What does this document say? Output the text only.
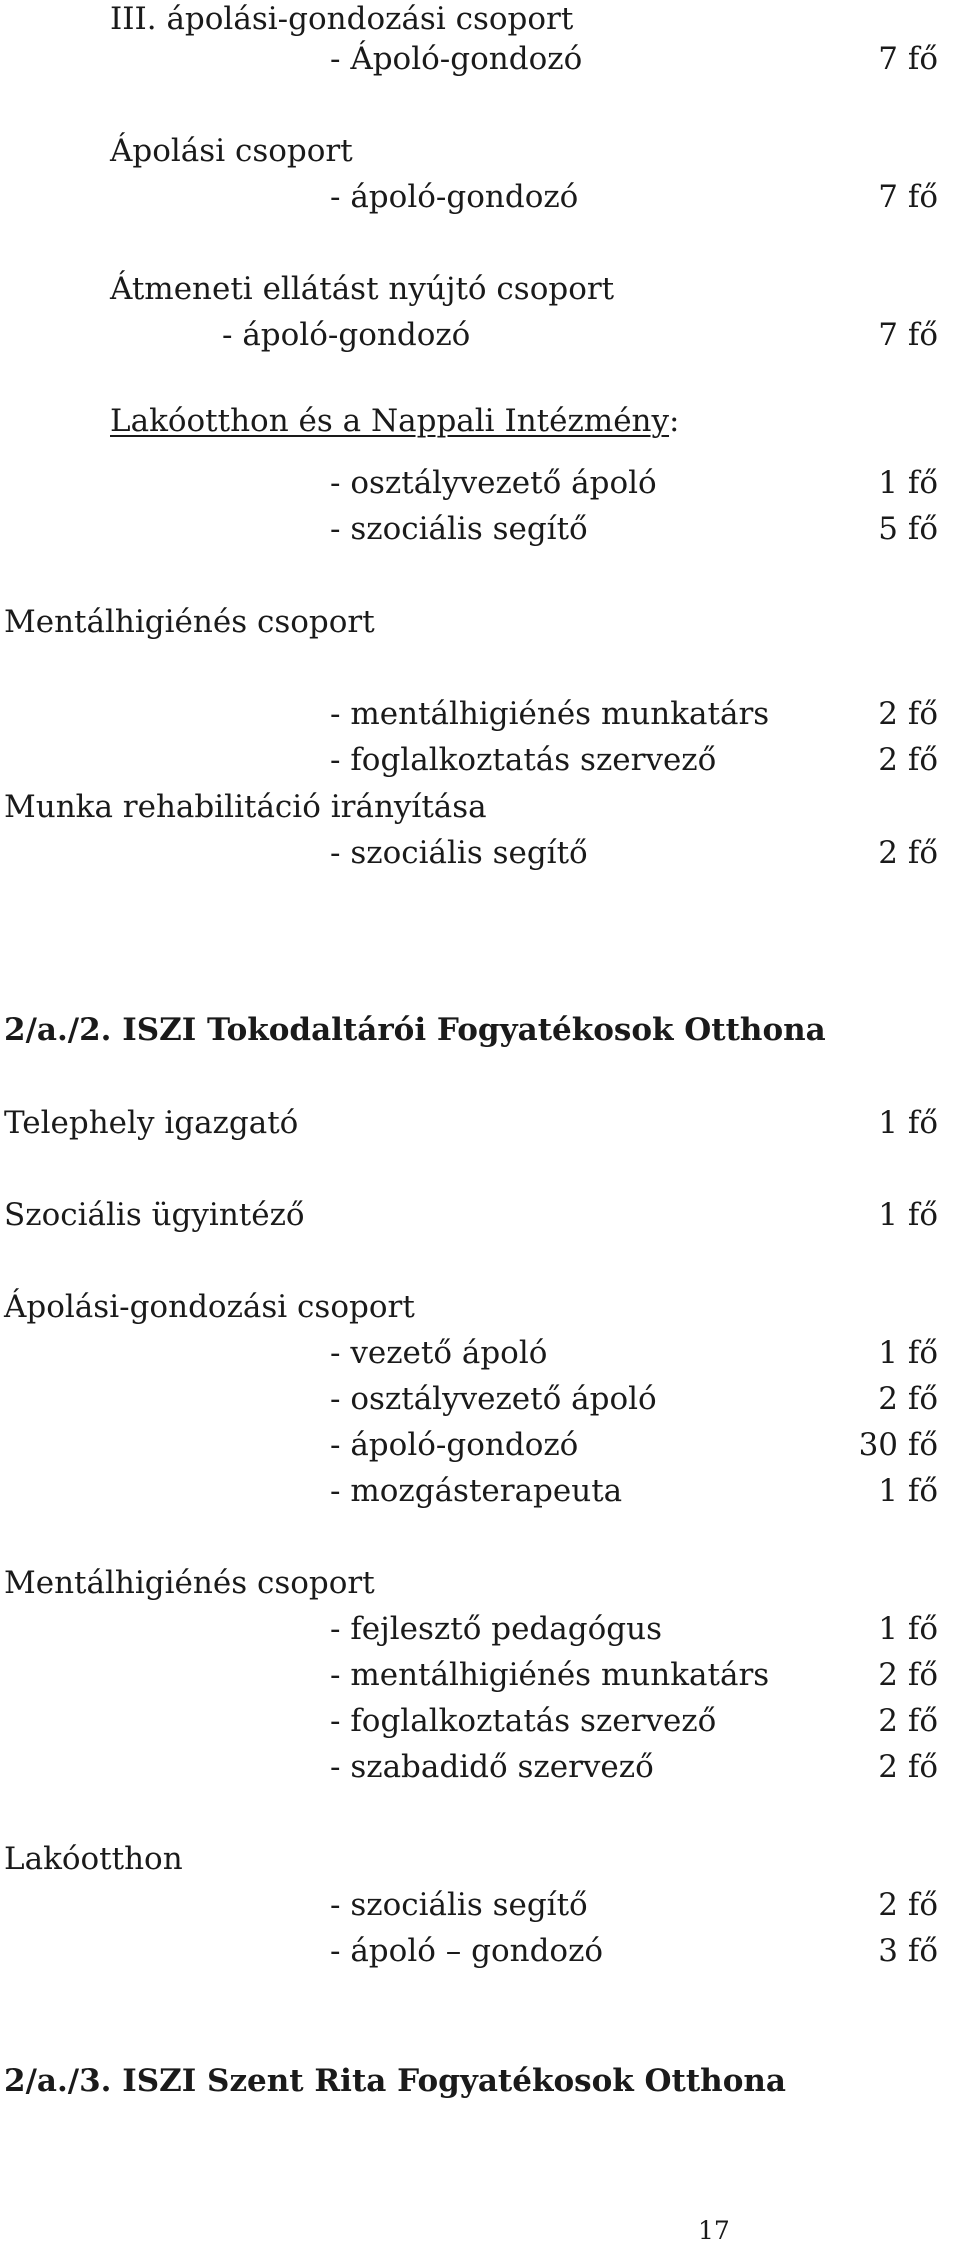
III. ápolási-gondozási csoport
- Ápoló-gondozó	7 fő
Ápolási csoport
- ápoló-gondozó	7 fő
Átmeneti ellátást nyújtó csoport
- ápoló-gondozó	7 fő
Lakóotthon és a Nappali Intézmény:
- osztályvezető ápoló	1 fő
- szociális segítő	5 fő
Mentálhigiénés csoport
- mentálhigiénés munkatárs	2 fő
- foglalkoztatás szervező	2 fő
Munka rehabilitáció irányítása
- szociális segítő	2 fő
2/a./2. ISZI Tokodaltárói Fogyatékosok Otthona
Telephely igazgató	1 fő
Szociális ügyintéző	1 fő
Ápolási-gondozási csoport
- vezető ápoló	1 fő
- osztályvezető ápoló	2 fő
- ápoló-gondozó	30 fő
- mozgásterapeuta	1 fő
Mentálhigiénés csoport
- fejlesztő pedagógus	1 fő
- mentálhigiénés munkatárs	2 fő
- foglalkoztatás szervező	2 fő
- szabadidő szervező	2 fő
Lakóotthon
- szociális segítő	2 fő
- ápoló – gondozó	3 fő
2/a./3. ISZI Szent Rita Fogyatékosok Otthona
17
